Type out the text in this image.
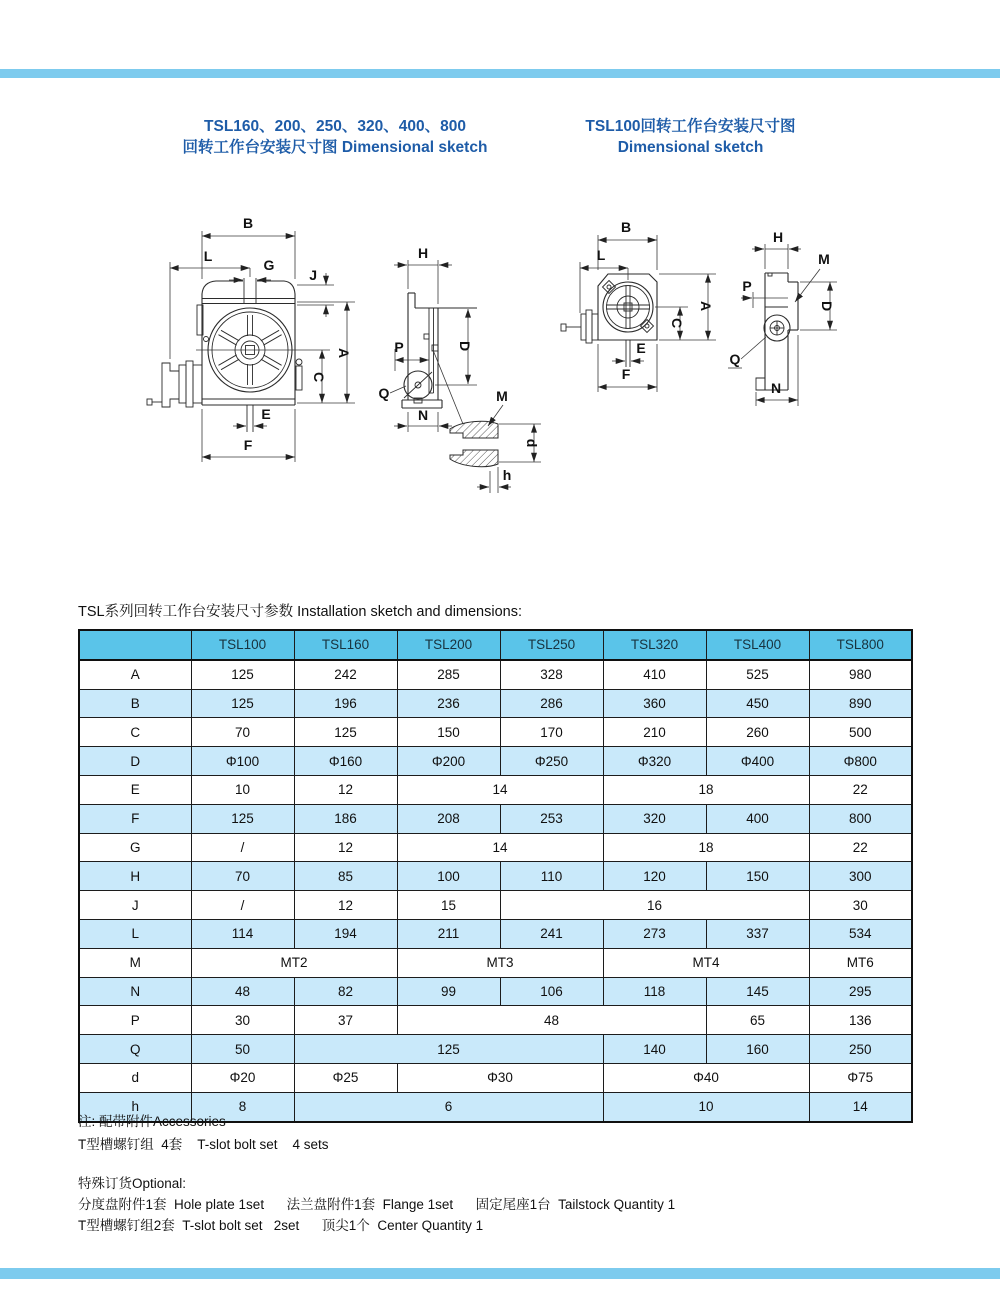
TSL160、200、250、320、400、800
回转工作台安装尺寸图 Dimensional sketch
TSL100回转工作台安装尺寸图
Dimensional sketch
B
L
G
J
A
C
E
F
H
P	D
Q
N
M
d
h
B
L
A
C
E
F
H
M
P
D
Q
N
TSL系列回转工作台安装尺寸参数 Installation sketch and dimensions:
	TSL100	TSL160	TSL200	TSL250	TSL320	TSL400	TSL800
A	125	242	285	328	410	525	980
B	125	196	236	286	360	450	890
C	70	125	150	170	210	260	500
D	Φ100	Φ160	Φ200	Φ250	Φ320	Φ400	Φ800
E	10	12	14		18		22
F	125	186	208	253	320	400	800
G	/	12	14		18		22
H	70	85	100	110	120	150	300
J	/	12	15	16			30
L	114	194	211	241	273	337	534
M	MT2		MT3		MT4		MT6
N	48	82	99	106	118	145	295
P	30	37	48			65	136
Q	50	125			140	160	250
d	Φ20	Φ25	Φ30		Φ40		Φ75
h	8	6			10		14
注: 配带附件Accessories
T型槽螺钉组  4套    T-slot bolt set    4 sets
特殊订货Optional:
分度盘附件1套  Hole plate 1set      法兰盘附件1套  Flange 1set      固定尾座1台  Tailstock Quantity 1
T型槽螺钉组2套  T-slot bolt set   2set      顶尖1个  Center Quantity 1
